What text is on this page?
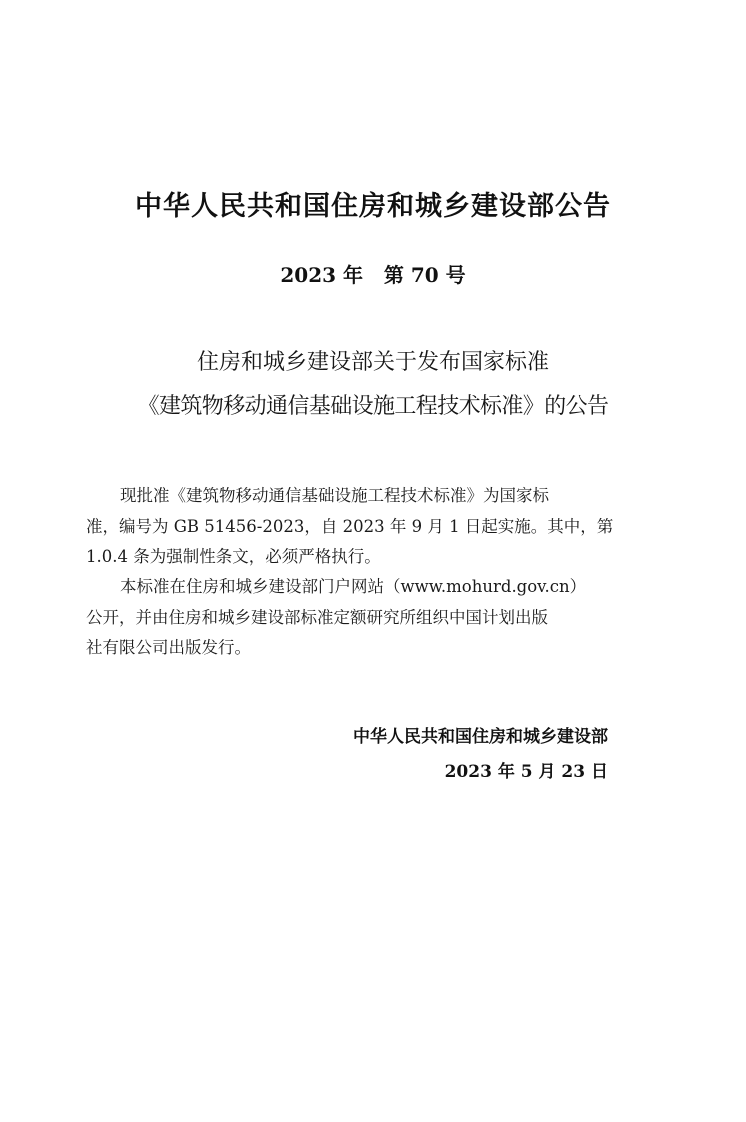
中华人民共和国住房和城乡建设部公告
2023 年   第 70 号
住房和城乡建设部关于发布国家标准
《建筑物移动通信基础设施工程技术标准》的公告
现批准《建筑物移动通信基础设施工程技术标准》为国家标
准，编号为 GB 51456-2023，自 2023 年 9 月 1 日起实施。其中，第
1.0.4 条为强制性条文，必须严格执行。
本标准在住房和城乡建设部门户网站（www.mohurd.gov.cn）
公开，并由住房和城乡建设部标准定额研究所组织中国计划出版
社有限公司出版发行。
中华人民共和国住房和城乡建设部
2023 年 5 月 23 日
